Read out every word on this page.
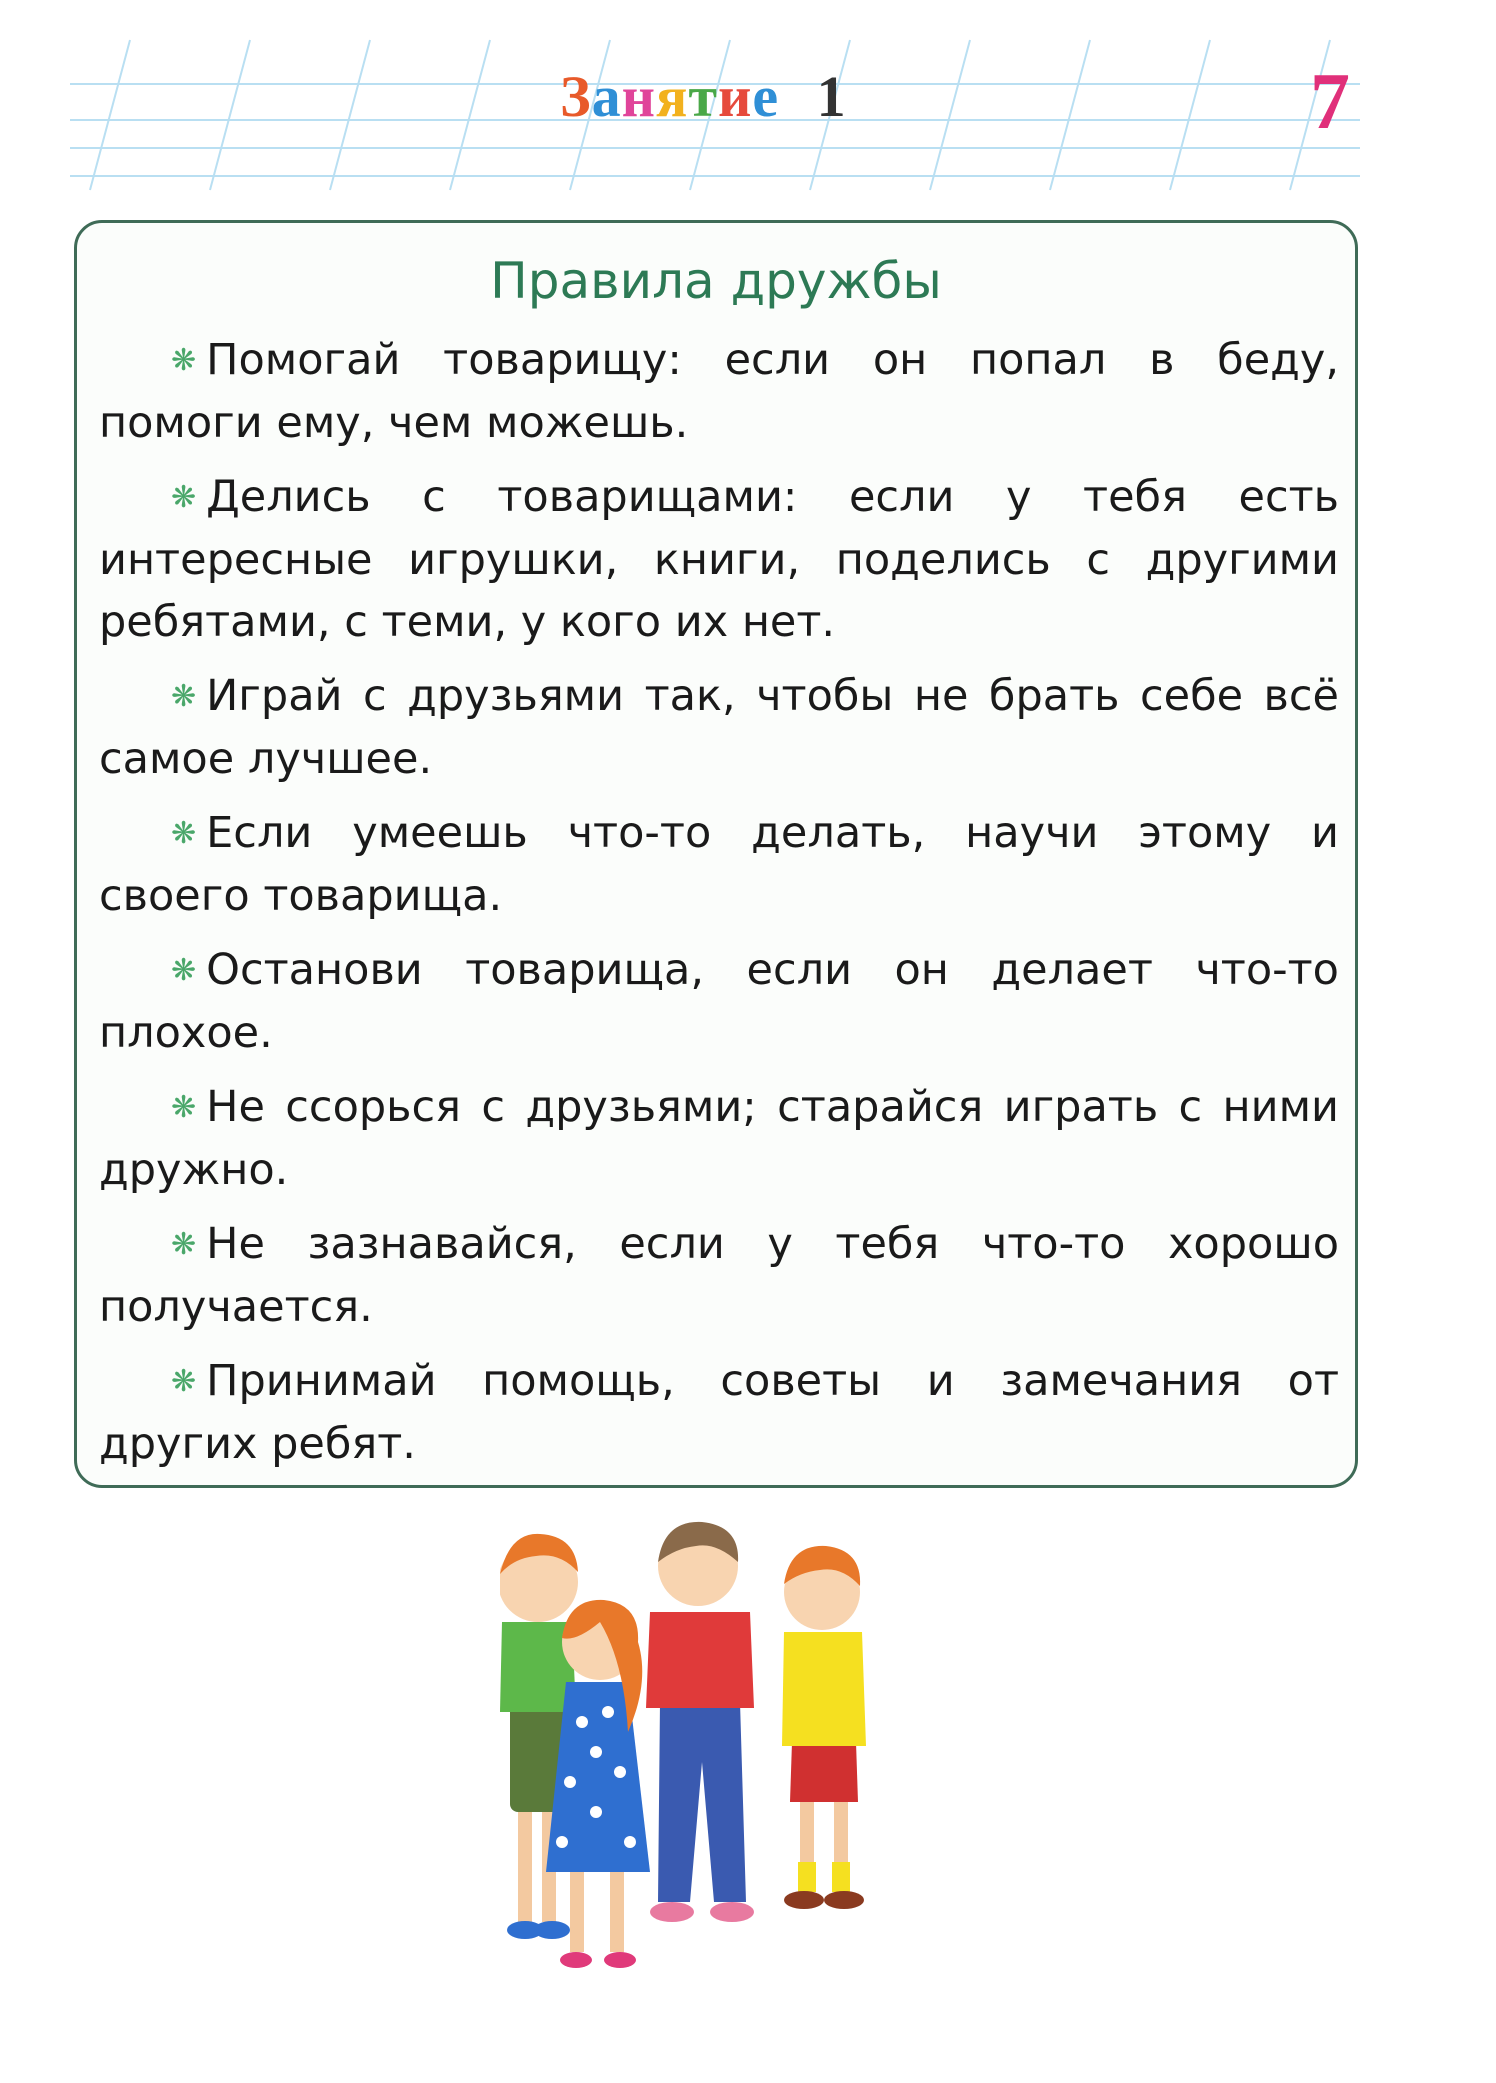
Занятие 1	7
Правила дружбы
❋ Помогай товарищу: если он попал в беду, помоги ему, чем можешь.
❋ Делись с товарищами: если у тебя есть интересные игрушки, книги, поделись с другими ребятами, с теми, у кого их нет.
❋ Играй с друзьями так, чтобы не брать себе всё самое лучшее.
❋ Если умеешь что-то делать, научи этому и своего товарища.
❋ Останови товарища, если он делает что-то плохое.
❋ Не ссорься с друзьями; старайся играть с ними дружно.
❋ Не зазнавайся, если у тебя что-то хорошо получается.
❋ Принимай помощь, советы и замечания от других ребят.
